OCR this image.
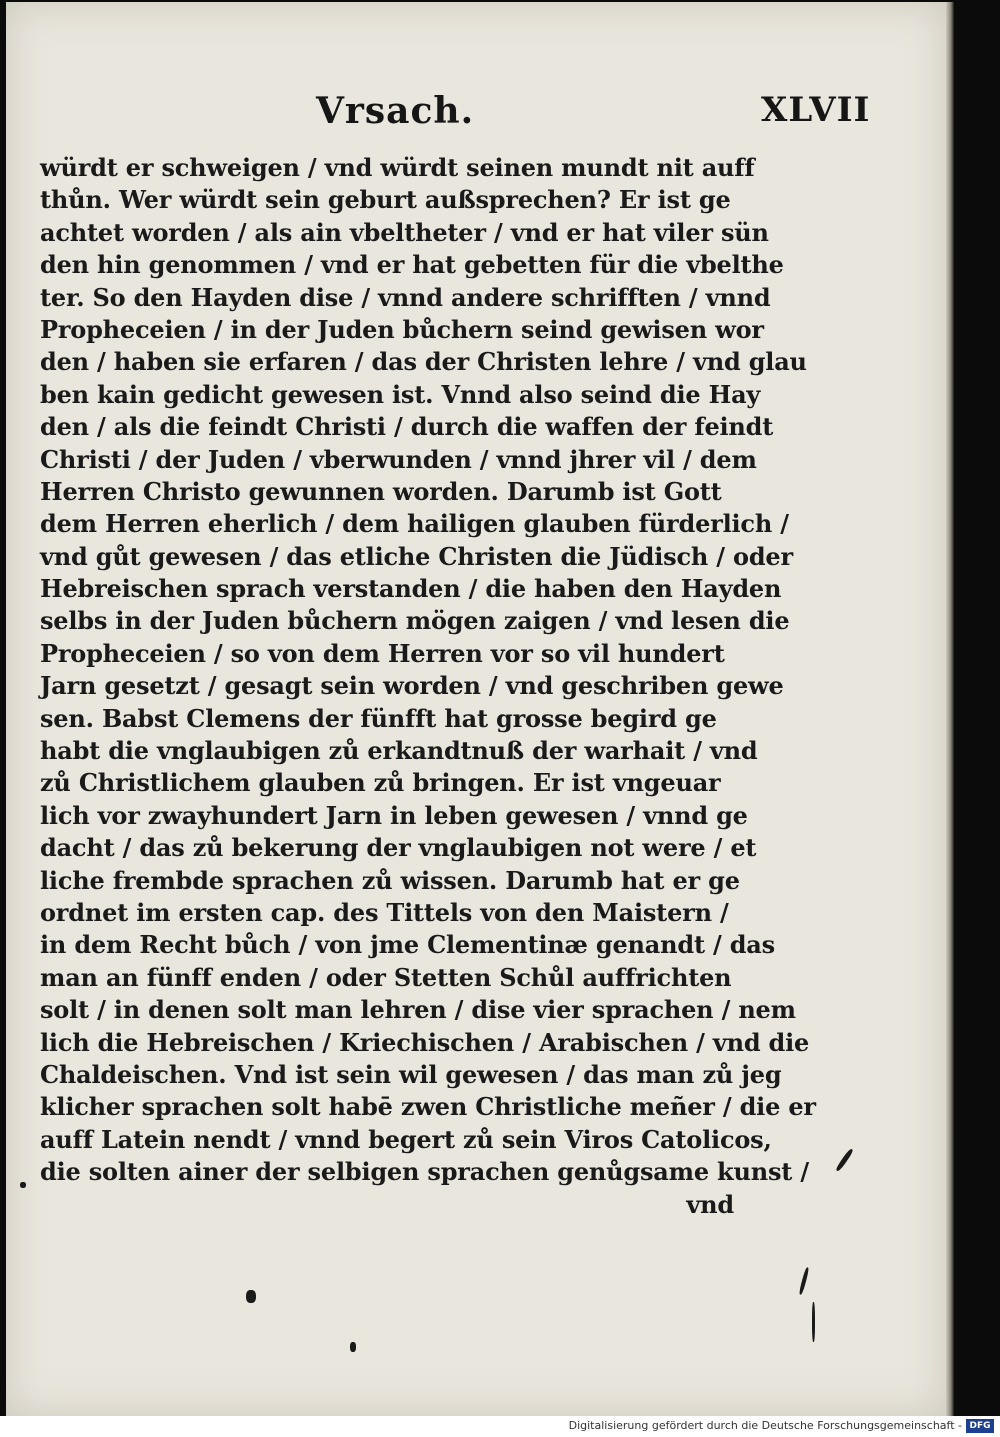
Vrsach.	XLVII
würdt er schweigen / vnd würdt seinen mundt nit auff
thůn. Wer würdt sein geburt außsprechen? Er ist ge
achtet worden / als ain vbeltheter / vnd er hat viler sün
den hin genommen / vnd er hat gebetten für die vbelthe
ter. So den Hayden dise / vnnd andere schrifften / vnnd
Propheceien / in der Juden bůchern seind gewisen wor
den / haben sie erfaren / das der Christen lehre / vnd glau
ben kain gedicht gewesen ist. Vnnd also seind die Hay
den / als die feindt Christi / durch die waffen der feindt
Christi / der Juden / vberwunden / vnnd jhrer vil / dem
Herren Christo gewunnen worden. Darumb ist Gott
dem Herren eherlich / dem hailigen glauben fürderlich /
vnd gůt gewesen / das etliche Christen die Jüdisch / oder
Hebreischen sprach verstanden / die haben den Hayden
selbs in der Juden bůchern mögen zaigen / vnd lesen die
Propheceien / so von dem Herren vor so vil hundert
Jarn gesetzt / gesagt sein worden / vnd geschriben gewe
sen. Babst Clemens der fünfft hat grosse begird ge
habt die vnglaubigen zů erkandtnuß der warhait / vnd
zů Christlichem glauben zů bringen. Er ist vngeuar
lich vor zwayhundert Jarn in leben gewesen / vnnd ge
dacht / das zů bekerung der vnglaubigen not were / et
liche frembde sprachen zů wissen. Darumb hat er ge
ordnet im ersten cap. des Tittels von den Maistern /
in dem Recht bůch / von jme Clementinæ genandt / das
man an fünff enden / oder Stetten Schůl auffrichten
solt / in denen solt man lehren / dise vier sprachen / nem
lich die Hebreischen / Kriechischen / Arabischen / vnd die
Chaldeischen. Vnd ist sein wil gewesen / das man zů jeg
klicher sprachen solt habē zwen Christliche meñer / die er
auff Latein nendt / vnnd begert zů sein Viros Catolicos,
die solten ainer der selbigen sprachen genůgsame kunst /
vnd
Digitalisierung gefördert durch die Deutsche Forschungsgemeinschaft - DFG
